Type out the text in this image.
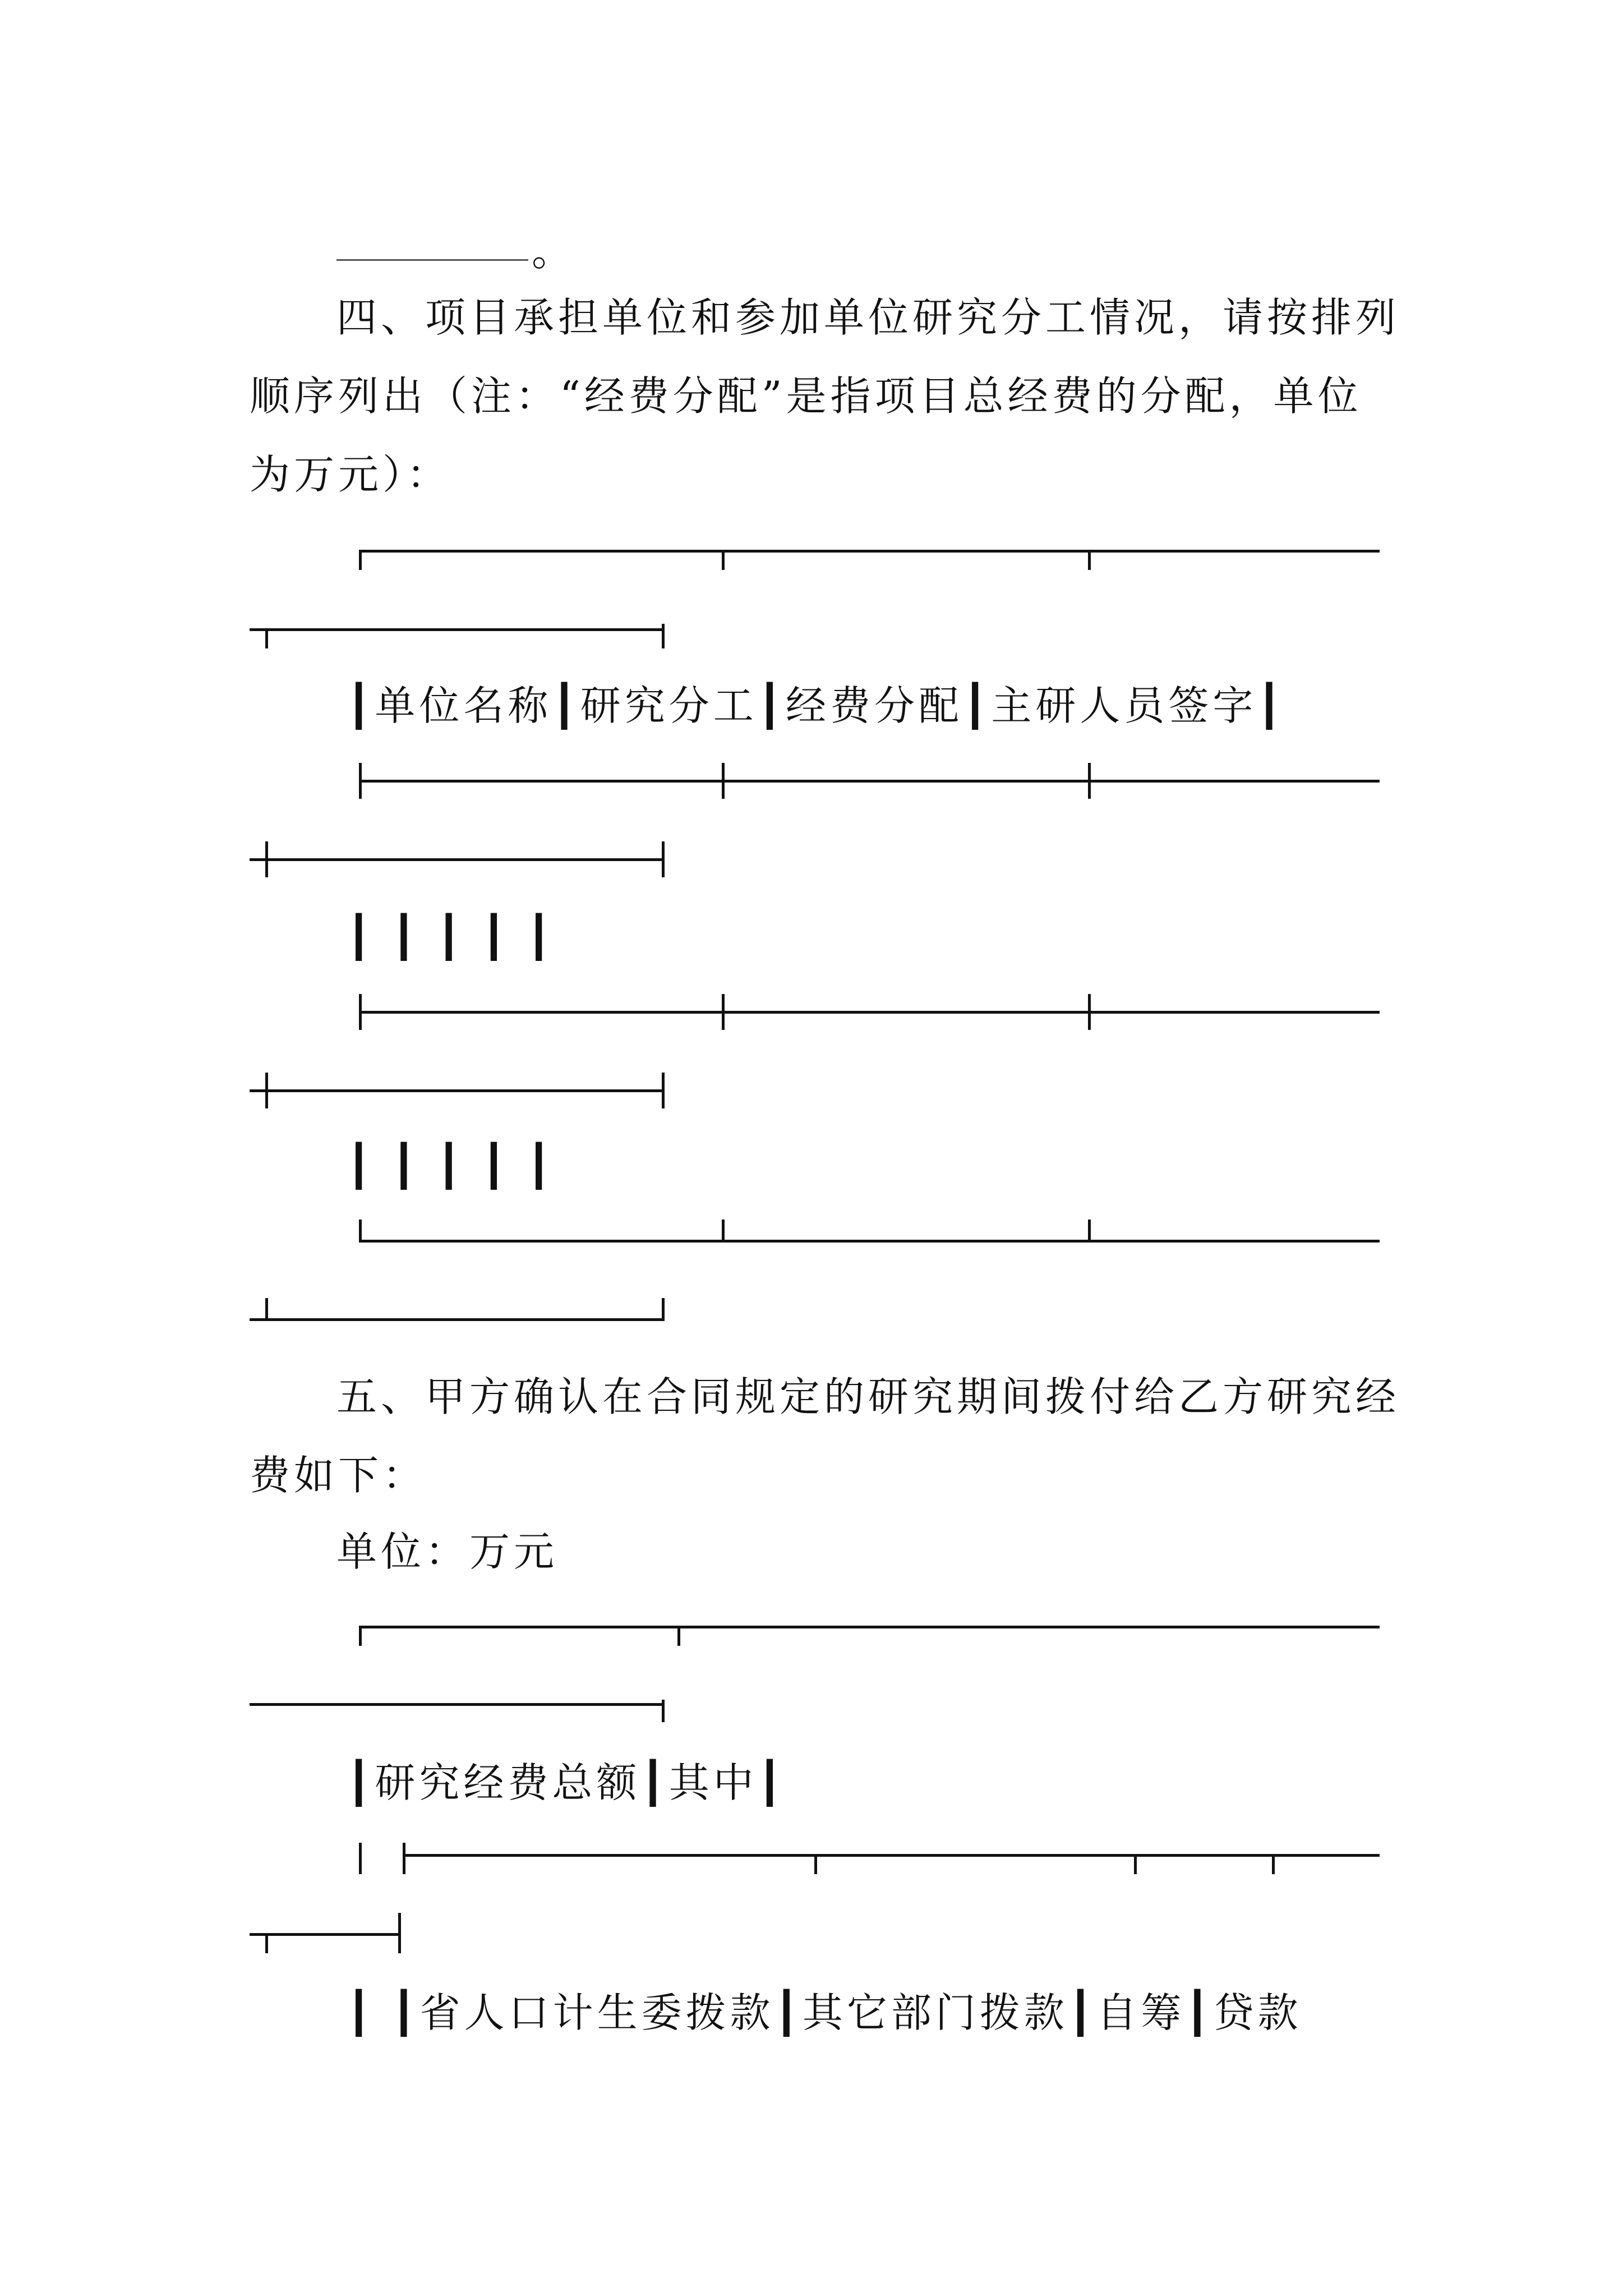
。
四、项目承担单位和参加单位研究分工情况，请按排列
顺序列出（注：“经费分配”是指项目总经费的分配，单位
为万元）：
┃单位名称┃研究分工┃经费分配┃主研人员签字┃
┃ ┃ ┃ ┃ ┃
┃ ┃ ┃ ┃ ┃
五、甲方确认在合同规定的研究期间拨付给乙方研究经
费如下：
单位：万元
┃研究经费总额┃其中┃
┃ ┃省人口计生委拨款┃其它部门拨款┃自筹┃贷款
